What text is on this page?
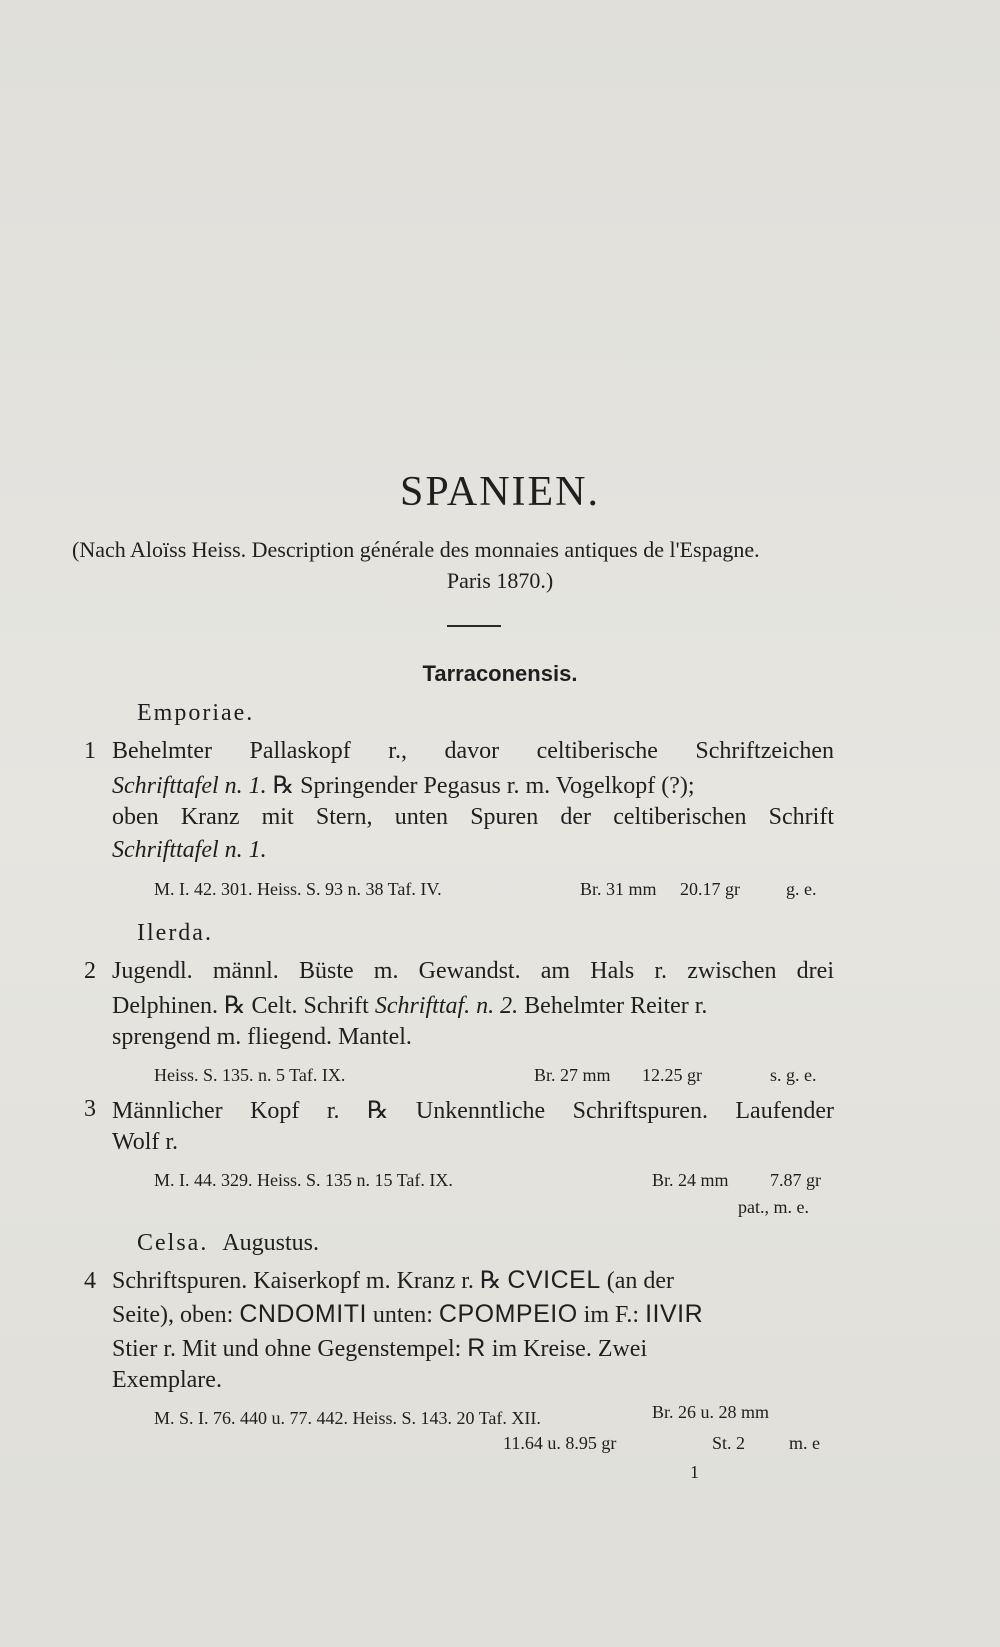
SPANIEN.

(Nach Aloïss Heiss. Description générale des monnaies antiques de l'Espagne.

Paris 1870.)

Tarraconensis.

Emporiae.

1 Behelmter Pallaskopf r., davor celtiberische Schriftzeichen

Schrifttafel n. 1. ℞ Springender Pegasus r. m. Vogelkopf (?);

oben Kranz mit Stern, unten Spuren der celtiberischen Schrift

Schrifttafel n. 1.

M. I. 42. 301. Heiss. S. 93 n. 38 Taf. IV.	Br. 31 mm 20.17 gr	g. e.

Ilerda.

2 Jugendl. männl. Büste m. Gewandst. am Hals r. zwischen drei

Delphinen. ℞ Celt. Schrift Schrifttaf. n. 2. Behelmter Reiter r.

sprengend m. fliegend. Mantel.

Heiss. S. 135. n. 5 Taf. IX.	Br. 27 mm 12.25 gr	s. g. e.

3 Männlicher Kopf r. ℞ Unkenntliche Schriftspuren. Laufender

Wolf r.

M. I. 44. 329. Heiss. S. 135 n. 15 Taf. IX.	Br. 24 mm 7.87 gr

pat., m. e.

Celsa. Augustus.

4 Schriftspuren. Kaiserkopf m. Kranz r. ℞ CVICEL (an der

Seite), oben: CNDOMITI unten: CPOMPEIO im F.: IIVIR

Stier r. Mit und ohne Gegenstempel: R im Kreise. Zwei

Exemplare.

M. S. I. 76. 440 u. 77. 442. Heiss. S. 143. 20 Taf. XII.	Br. 26 u. 28 mm

11.64 u. 8.95 gr	St. 2 m. e

1
